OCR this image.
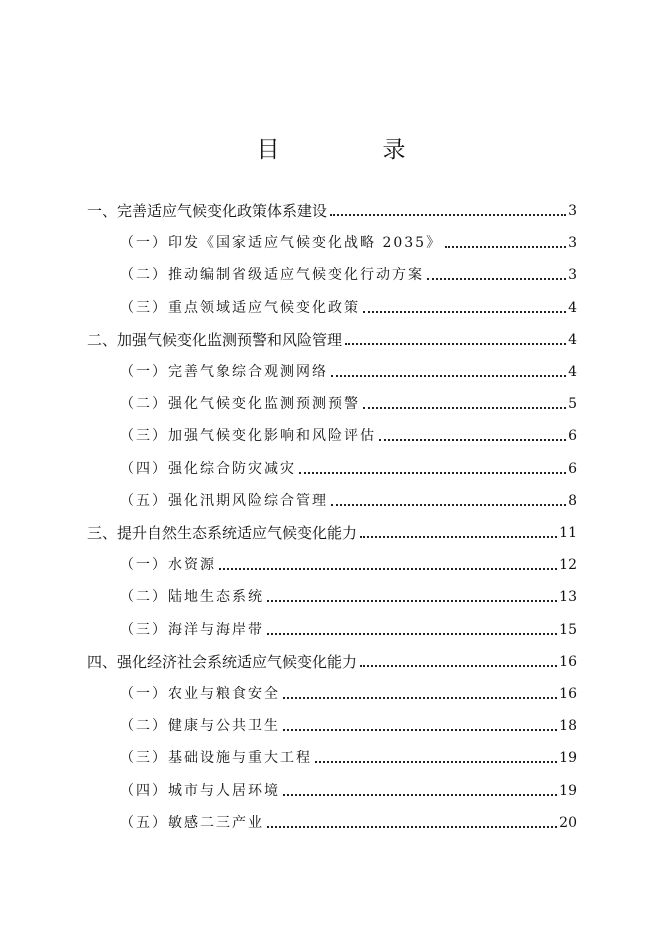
目　录
一、完善适应气候变化政策体系建设	3
（一）印发《国家适应气候变化战略 2035》	3
（二）推动编制省级适应气候变化行动方案	3
（三）重点领域适应气候变化政策	4
二、加强气候变化监测预警和风险管理	4
（一）完善气象综合观测网络	4
（二）强化气候变化监测预测预警	5
（三）加强气候变化影响和风险评估	6
（四）强化综合防灾减灾	6
（五）强化汛期风险综合管理	8
三、提升自然生态系统适应气候变化能力	11
（一）水资源	12
（二）陆地生态系统	13
（三）海洋与海岸带	15
四、强化经济社会系统适应气候变化能力	16
（一）农业与粮食安全	16
（二）健康与公共卫生	18
（三）基础设施与重大工程	19
（四）城市与人居环境	19
（五）敏感二三产业	20
